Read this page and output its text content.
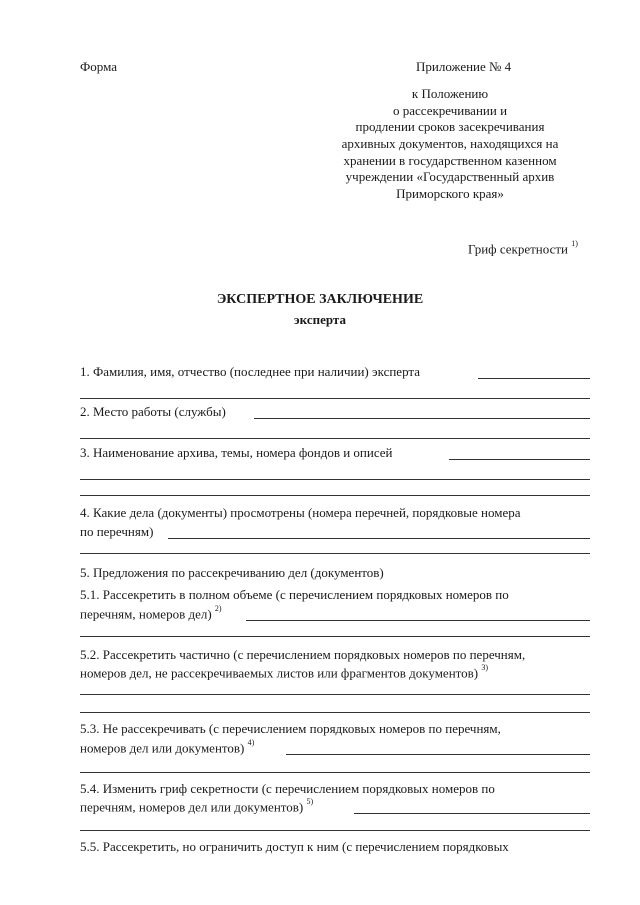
Форма	Приложение № 4
к Положению
о рассекречивании и
продлении сроков засекречивания
архивных документов, находящихся на
хранении в государственном казенном
учреждении «Государственный архив
Приморского края»
Гриф секретности $^{1)}$
ЭКСПЕРТНОЕ ЗАКЛЮЧЕНИЕ
эксперта
1. Фамилия, имя, отчество (последнее при наличии) эксперта
2. Место работы (службы)
3. Наименование архива, темы, номера фондов и описей
4. Какие дела (документы) просмотрены (номера перечней, порядковые номера
по перечням)
5. Предложения по рассекречиванию дел (документов)
5.1. Рассекретить в полном объеме (с перечислением порядковых номеров по
перечням, номеров дел) $^{2)}$
5.2. Рассекретить частично (с перечислением порядковых номеров по перечням,
номеров дел, не рассекречиваемых листов или фрагментов документов) $^{3)}$
5.3. Не рассекречивать (с перечислением порядковых номеров по перечням,
номеров дел или документов) $^{4)}$
5.4. Изменить гриф секретности (с перечислением порядковых номеров по
перечням, номеров дел или документов) $^{5)}$
5.5. Рассекретить, но ограничить доступ к ним (с перечислением порядковых
